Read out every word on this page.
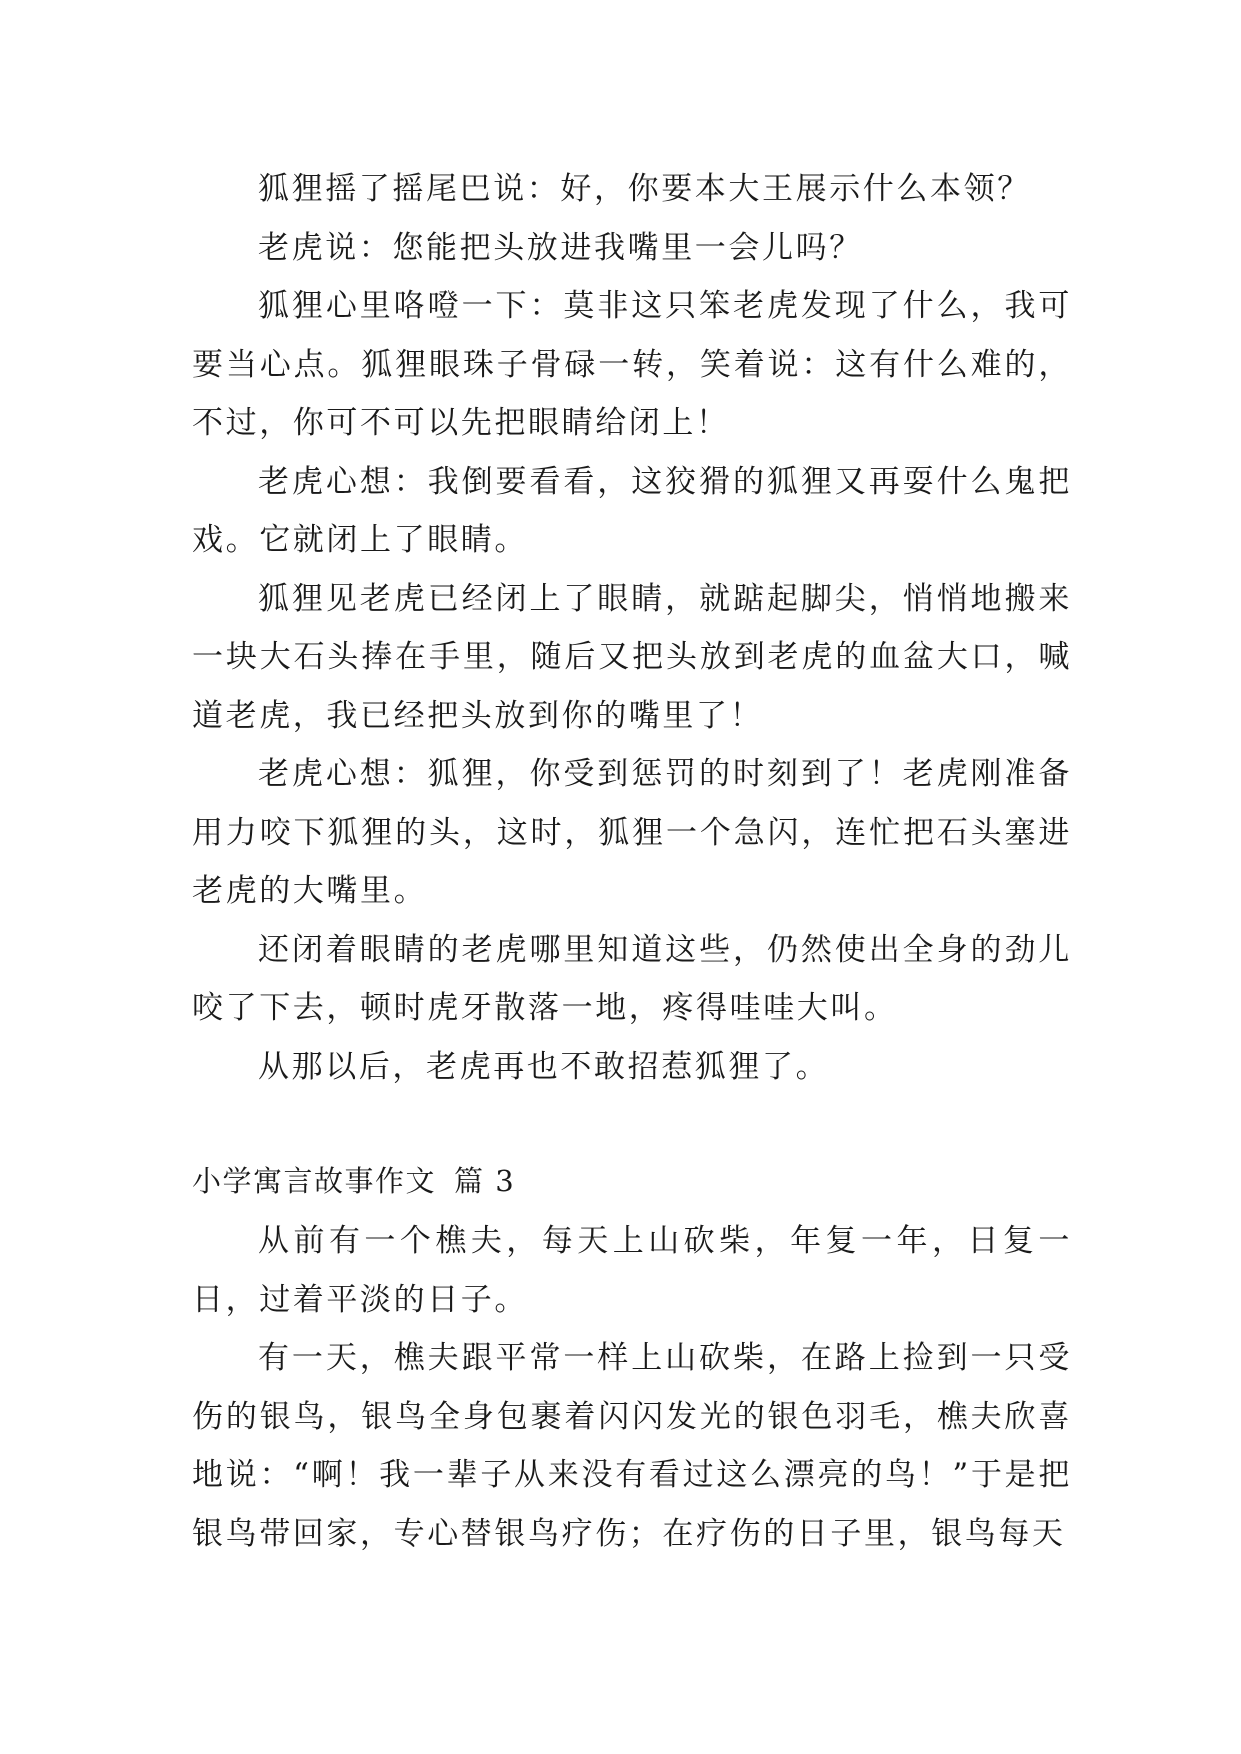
狐狸摇了摇尾巴说：好，你要本大王展示什么本领？

老虎说：您能把头放进我嘴里一会儿吗？

狐狸心里咯噔一下：莫非这只笨老虎发现了什么，我可要当心点。狐狸眼珠子骨碌一转，笑着说：这有什么难的，不过，你可不可以先把眼睛给闭上！

老虎心想：我倒要看看，这狡猾的狐狸又再耍什么鬼把戏。它就闭上了眼睛。

狐狸见老虎已经闭上了眼睛，就踮起脚尖，悄悄地搬来一块大石头捧在手里，随后又把头放到老虎的血盆大口，喊道老虎，我已经把头放到你的嘴里了！

老虎心想：狐狸，你受到惩罚的时刻到了！老虎刚准备用力咬下狐狸的头，这时，狐狸一个急闪，连忙把石头塞进老虎的大嘴里。

还闭着眼睛的老虎哪里知道这些，仍然使出全身的劲儿咬了下去，顿时虎牙散落一地，疼得哇哇大叫。

从那以后，老虎再也不敢招惹狐狸了。

小学寓言故事作文 篇 3

从前有一个樵夫，每天上山砍柴，年复一年，日复一日，过着平淡的日子。

有一天，樵夫跟平常一样上山砍柴，在路上捡到一只受伤的银鸟，银鸟全身包裹着闪闪发光的银色羽毛，樵夫欣喜地说：“啊！我一辈子从来没有看过这么漂亮的鸟！”于是把银鸟带回家，专心替银鸟疗伤；在疗伤的日子里，银鸟每天
